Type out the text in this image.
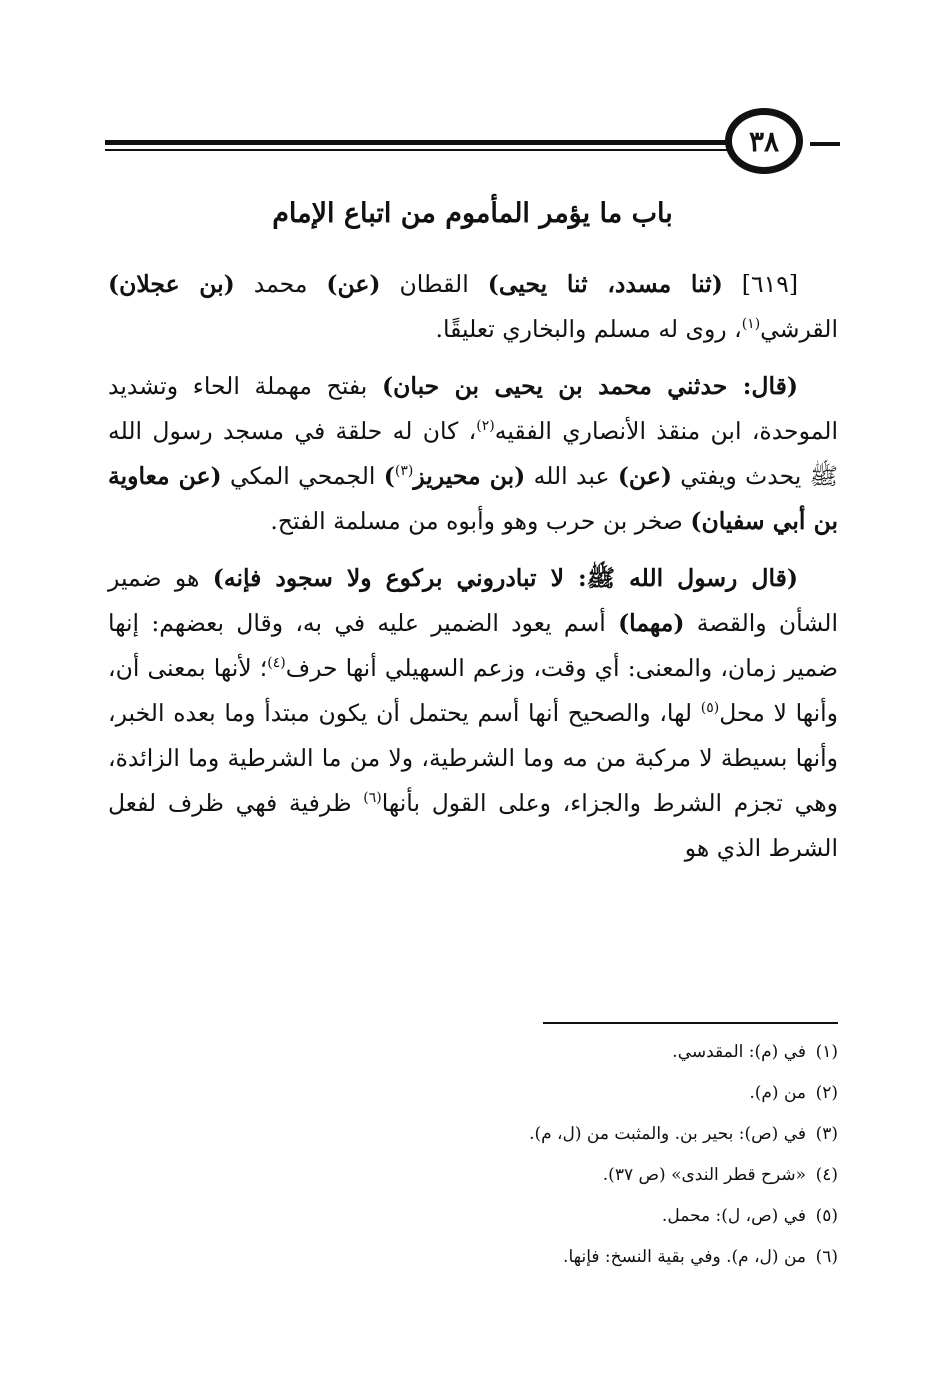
٣٨
باب ما يؤمر المأموم من اتباع الإمام

[٦١٩] (ثنا مسدد، ثنا يحيى) القطان (عن) محمد (بن عجلان) القرشي$^{(١)}$، روى له مسلم والبخاري تعليقًا.

(قال: حدثني محمد بن يحيى بن حبان) بفتح مهملة الحاء وتشديد الموحدة، ابن منقذ الأنصاري الفقيه$^{(٢)}$، كان له حلقة في مسجد رسول الله ﷺ يحدث ويفتي (عن) عبد الله (بن محيريز$^{(٣)}$) الجمحي المكي (عن معاوية بن أبي سفيان) صخر بن حرب وهو وأبوه من مسلمة الفتح.

(قال رسول الله ﷺ: لا تبادروني بركوع ولا سجود فإنه) هو ضمير الشأن والقصة (مهما) أسم يعود الضمير عليه في به، وقال بعضهم: إنها ضمير زمان، والمعنى: أي وقت، وزعم السهيلي أنها حرف$^{(٤)}$؛ لأنها بمعنى أن، وأنها لا محل$^{(٥)}$ لها، والصحيح أنها أسم يحتمل أن يكون مبتدأ وما بعده الخبر، وأنها بسيطة لا مركبة من مه وما الشرطية، ولا من ما الشرطية وما الزائدة، وهي تجزم الشرط والجزاء، وعلى القول بأنها$^{(٦)}$ ظرفية فهي ظرف لفعل الشرط الذي هو

(١)
في (م): المقدسي.
(٢)
من (م).
(٣)
في (ص): بحير بن. والمثبت من (ل، م).
(٤)
«شرح قطر الندى» (ص ٣٧).
(٥)
في (ص، ل): محمل.
(٦)
من (ل، م). وفي بقية النسخ: فإنها.
